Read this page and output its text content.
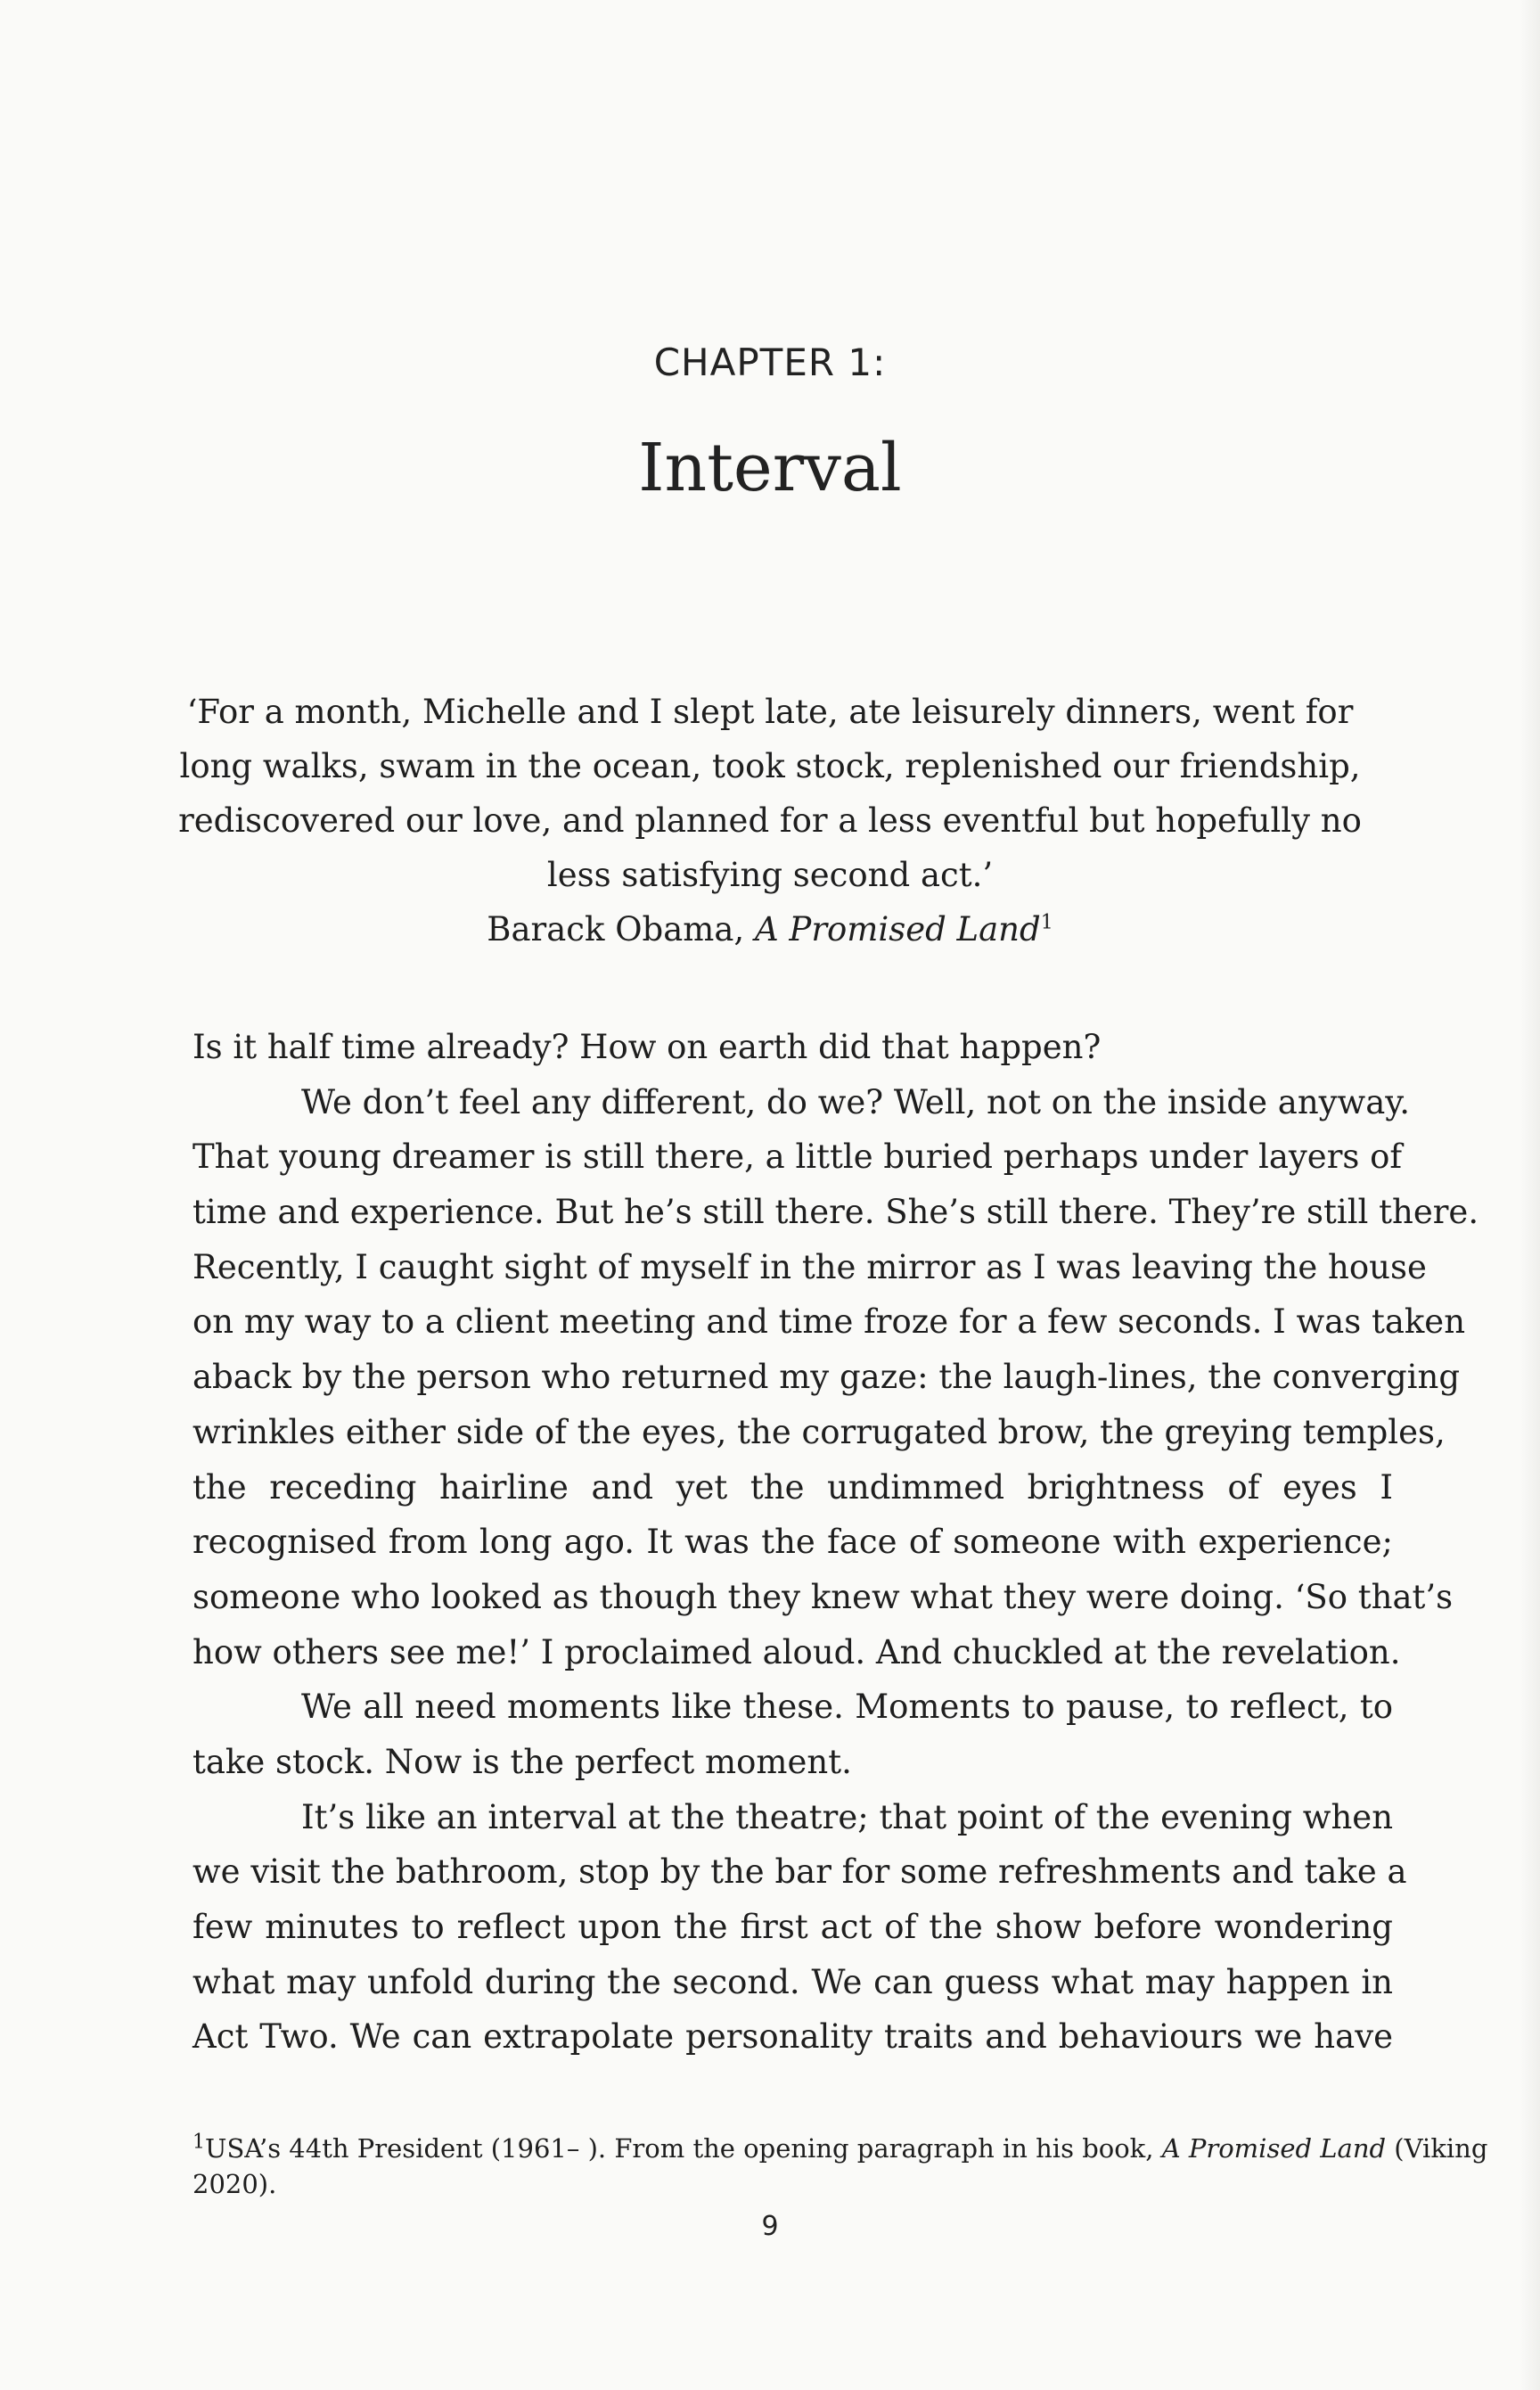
CHAPTER 1:
Interval
‘For a month, Michelle and I slept late, ate leisurely dinners, went for
long walks, swam in the ocean, took stock, replenished our friendship,
rediscovered our love, and planned for a less eventful but hopefully no
less satisfying second act.’
Barack Obama, A Promised Land$^1$
Is it half time already? How on earth did that happen?
We don’t feel any different, do we? Well, not on the inside anyway.
That young dreamer is still there, a little buried perhaps under layers of
time and experience. But he’s still there. She’s still there. They’re still there.
Recently, I caught sight of myself in the mirror as I was leaving the house
on my way to a client meeting and time froze for a few seconds. I was taken
aback by the person who returned my gaze: the laugh-lines, the converging
wrinkles either side of the eyes, the corrugated brow, the greying temples,
the receding hairline and yet the undimmed brightness of eyes I
recognised from long ago. It was the face of someone with experience;
someone who looked as though they knew what they were doing. ‘So that’s
how others see me!’ I proclaimed aloud. And chuckled at the revelation.
We all need moments like these. Moments to pause, to reflect, to
take stock. Now is the perfect moment.
It’s like an interval at the theatre; that point of the evening when
we visit the bathroom, stop by the bar for some refreshments and take a
few minutes to reflect upon the first act of the show before wondering
what may unfold during the second. We can guess what may happen in
Act Two. We can extrapolate personality traits and behaviours we have
$^1$USA’s 44th President (1961– ). From the opening paragraph in his book, A Promised Land (Viking
2020).
9
